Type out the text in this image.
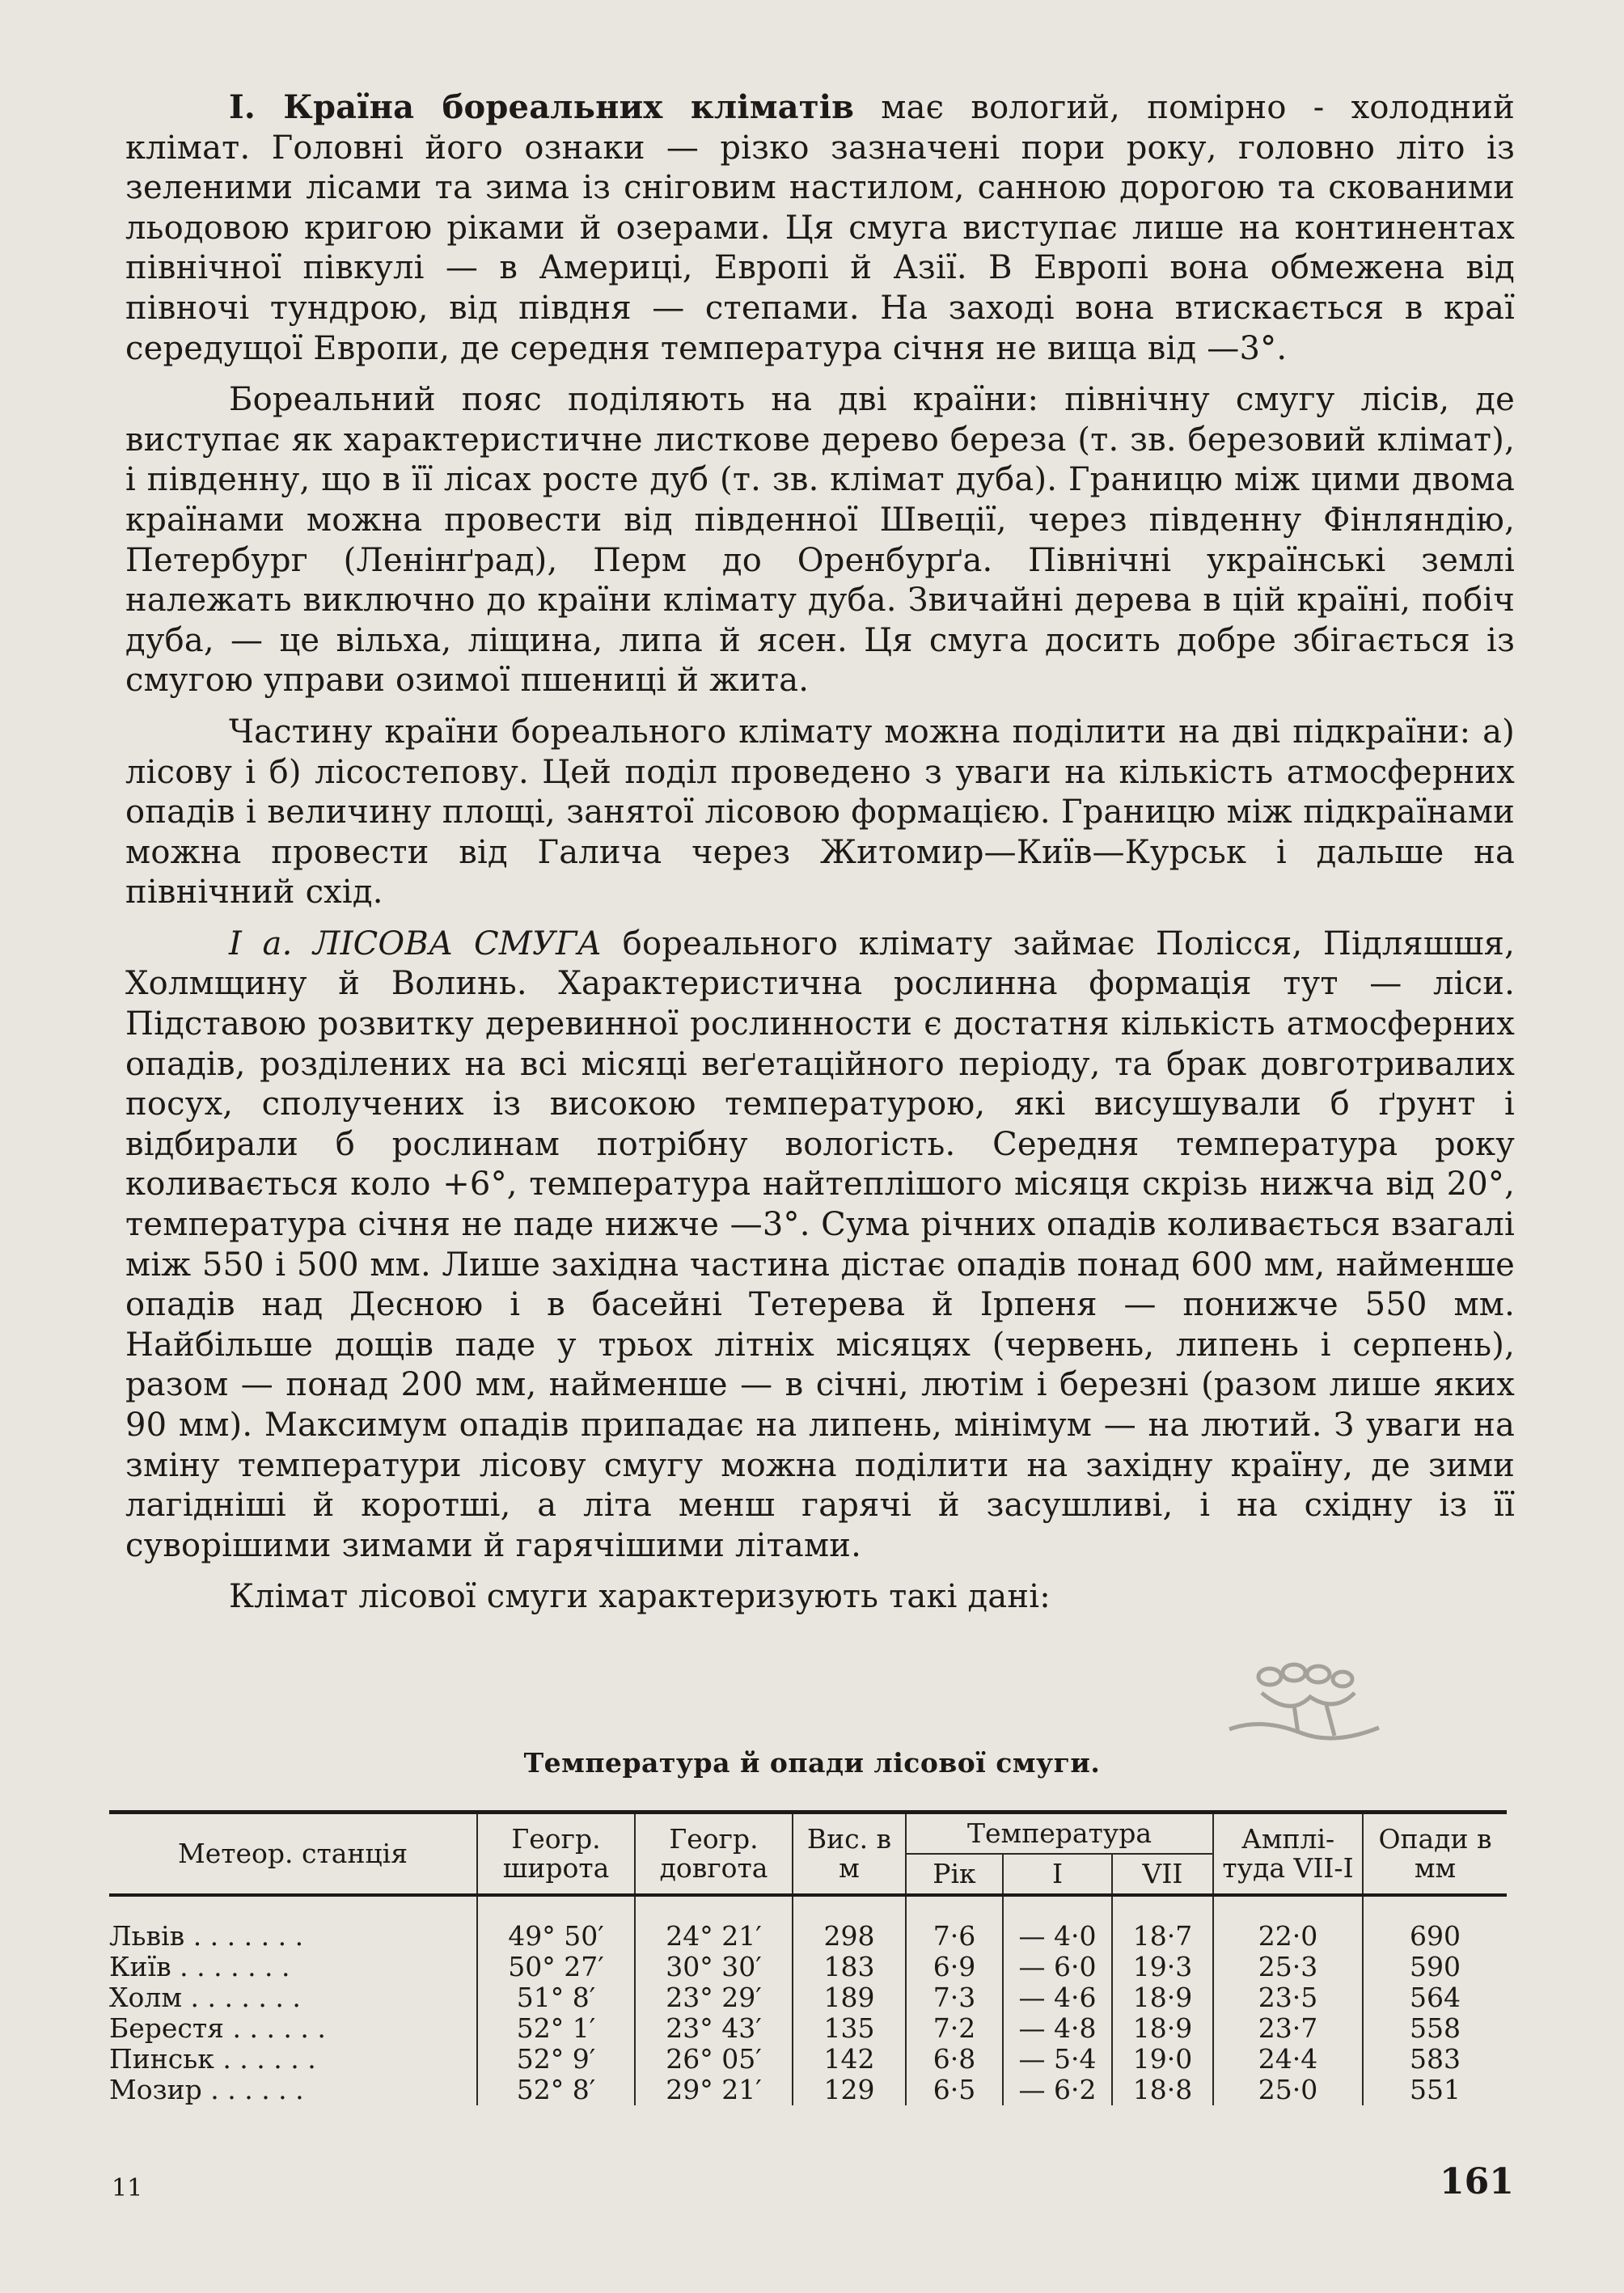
I. Країна бореальних кліматів має вологий, помірно - холодний клімат. Головні його ознаки — різко зазначені пори року, головно літо із зеленими лісами та зима із сніговим настилом, санною дорогою та скованими льодовою кригою ріками й озерами. Ця смуга виступає лише на континентах північної півкулі — в Америці, Европі й Азії. В Европі вона обмежена від півночі тундрою, від півдня — степами. На заході вона втискається в краї середущої Европи, де середня температура січня не вища від —3°.

Бореальний пояс поділяють на дві країни: північну смугу лісів, де виступає як характеристичне листкове дерево береза (т. зв. березовий клімат), і південну, що в її лісах росте дуб (т. зв. клімат дуба). Границю між цими двома країнами можна провести від південної Швеції, через південну Фінляндію, Петербург (Ленінґрад), Перм до Оренбурґа. Північні українські землі належать виключно до країни клімату дуба. Звичайні дерева в цій країні, побіч дуба, — це вільха, ліщина, липа й ясен. Ця смуга досить добре збігається із смугою управи озимої пшениці й жита.

Частину країни бореального клімату можна поділити на дві підкраїни: а) лісову і б) лісостепову. Цей поділ проведено з уваги на кількість атмосферних опадів і величину площі, занятої лісовою формацією. Границю між підкраїнами можна провести від Галича через Житомир—Київ—Курськ і дальше на північний схід.

I а. ЛІСОВА СМУГА бореального клімату займає Полісся, Підляшшя, Холмщину й Волинь. Характеристична рослинна формація тут — ліси. Підставою розвитку деревинної рослинности є достатня кількість атмосферних опадів, розділених на всі місяці веґетаційного періоду, та брак довготривалих посух, сполучених із високою температурою, які висушували б ґрунт і відбирали б рослинам потрібну вологість. Середня температура року коливається коло +6°, температура найтеплішого місяця скрізь нижча від 20°, температура січня не паде нижче —3°. Сума річних опадів коливається взагалі між 550 і 500 мм. Лише західна частина дістає опадів понад 600 мм, найменше опадів над Десною і в басейні Тетерева й Ірпеня — понижче 550 мм. Найбільше дощів паде у трьох літніх місяцях (червень, липень і серпень), разом — понад 200 мм, найменше — в січні, лютім і березні (разом лише яких 90 мм). Максимум опадів припадає на липень, мінімум — на лютий. З уваги на зміну температури лісову смугу можна поділити на західну країну, де зими лагідніші й коротші, а літа менш гарячі й засушливі, і на східну із її суворішими зимами й гарячішими літами.

Клімат лісової смуги характеризують такі дані:

Температура й опади лісової смуги.
Метеор. станція	Геогр. широта	Геогр. довгота	Вис. в м	Температура			Амплі- туда VII-I	Опади в мм
				Рік	I	VII		
Львів . . . . . . .	49° 50′	24° 21′	298	7·6	— 4·0	18·7	22·0	690
Київ . . . . . . .	50° 27′	30° 30′	183	6·9	— 6·0	19·3	25·3	590
Холм . . . . . . .	51° 8′	23° 29′	189	7·3	— 4·6	18·9	23·5	564
Берестя . . . . . .	52° 1′	23° 43′	135	7·2	— 4·8	18·9	23·7	558
Пинськ . . . . . .	52° 9′	26° 05′	142	6·8	— 5·4	19·0	24·4	583
Мозир . . . . . .	52° 8′	29° 21′	129	6·5	— 6·2	18·8	25·0	551
11	161
